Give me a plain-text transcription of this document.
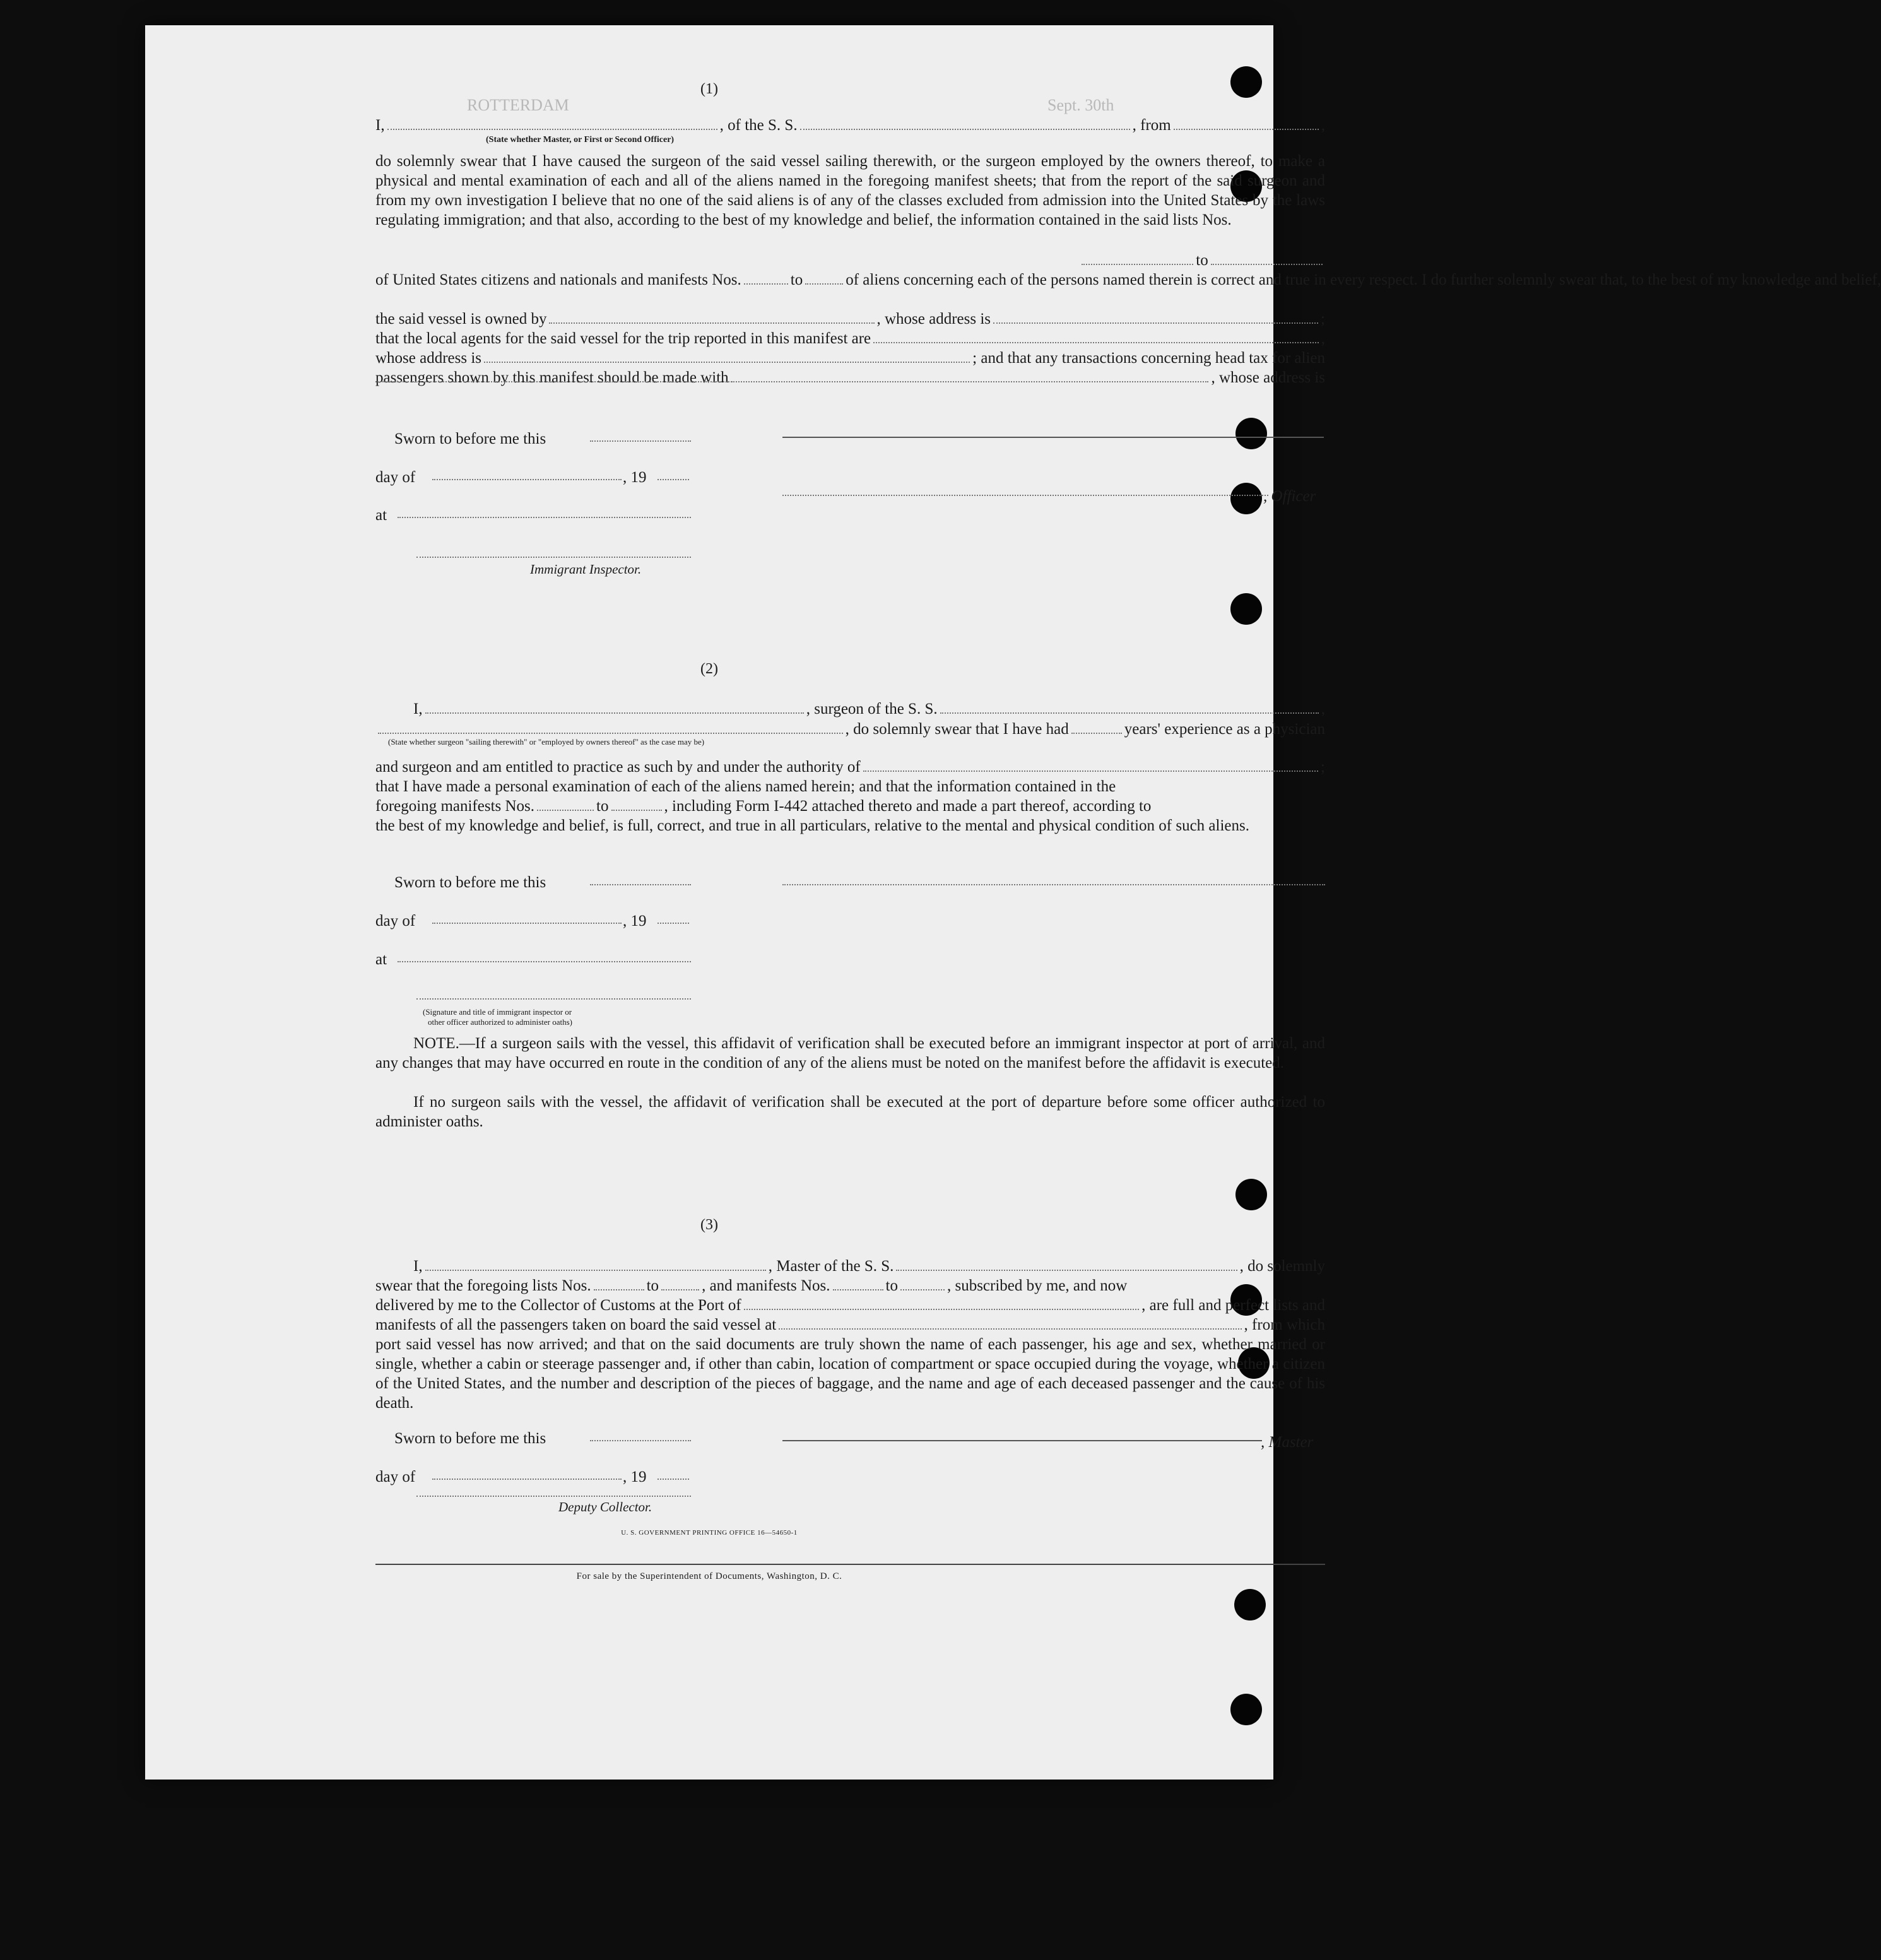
ROTTERDAM	Sept. 30th
(1)
I,	, of the S. S.	, from	,
(State whether Master, or First or Second Officer)

do solemnly swear that I have caused the surgeon of the said vessel sailing therewith, or the surgeon employed by the owners thereof, to make a physical and mental examination of each and all of the aliens named in the foregoing manifest sheets; that from the report of the said surgeon and from my own investigation I believe that no one of the said aliens is of any of the classes excluded from admission into the United States by the laws regulating immigration; and that also, according to the best of my knowledge and belief, the information contained in the said lists Nos.

to
of United States citizens and nationals and manifests Nos.	to	of aliens concerning each of the persons named therein is correct and true in every respect. I do further solemnly swear that, to the best of my knowledge and belief,
the said vessel is owned by	, whose address is	;
that the local agents for the said vessel for the trip reported in this manifest are	,
whose address is	; and that any transactions concerning head tax for alien
passengers shown by this manifest should be made with	, whose address is
Sworn to before me this
day of	, 19
, Officer
at
Immigrant Inspector.
(2)
I,	, surgeon of the S. S.	,
, do solemnly swear that I have had	years' experience as a physician
(State whether surgeon "sailing therewith" or "employed by owners thereof" as the case may be)
and surgeon and am entitled to practice as such by and under the authority of	;
that I have made a personal examination of each of the aliens named herein; and that the information contained in the
foregoing manifests Nos.	to	, including Form I-442 attached thereto and made a part thereof, according to

the best of my knowledge and belief, is full, correct, and true in all particulars, relative to the mental and physical condition of such aliens.

Sworn to before me this
day of	, 19
at
(Signature and title of immigrant inspector or
other officer authorized to administer oaths)

NOTE.—If a surgeon sails with the vessel, this affidavit of verification shall be executed before an immigrant inspector at port of arrival, and any changes that may have occurred en route in the condition of any of the aliens must be noted on the manifest before the affidavit is executed.

If no surgeon sails with the vessel, the affidavit of verification shall be executed at the port of departure before some officer authorized to administer oaths.

(3)
I,	, Master of the S. S.	, do solemnly
swear that the foregoing lists Nos.	to	, and manifests Nos.	to	, subscribed by me, and now
delivered by me to the Collector of Customs at the Port of	, are full and perfect lists and
manifests of all the passengers taken on board the said vessel at	, from which

port said vessel has now arrived; and that on the said documents are truly shown the name of each passenger, his age and sex, whether married or single, whether a cabin or steerage passenger and, if other than cabin, location of compartment or space occupied during the voyage, whether a citizen of the United States, and the number and description of the pieces of baggage, and the name and age of each deceased passenger and the cause of his death.

Sworn to before me this	, Master
day of	, 19
Deputy Collector.
U. S. GOVERNMENT PRINTING OFFICE 16—54650-1
For sale by the Superintendent of Documents, Washington, D. C.
